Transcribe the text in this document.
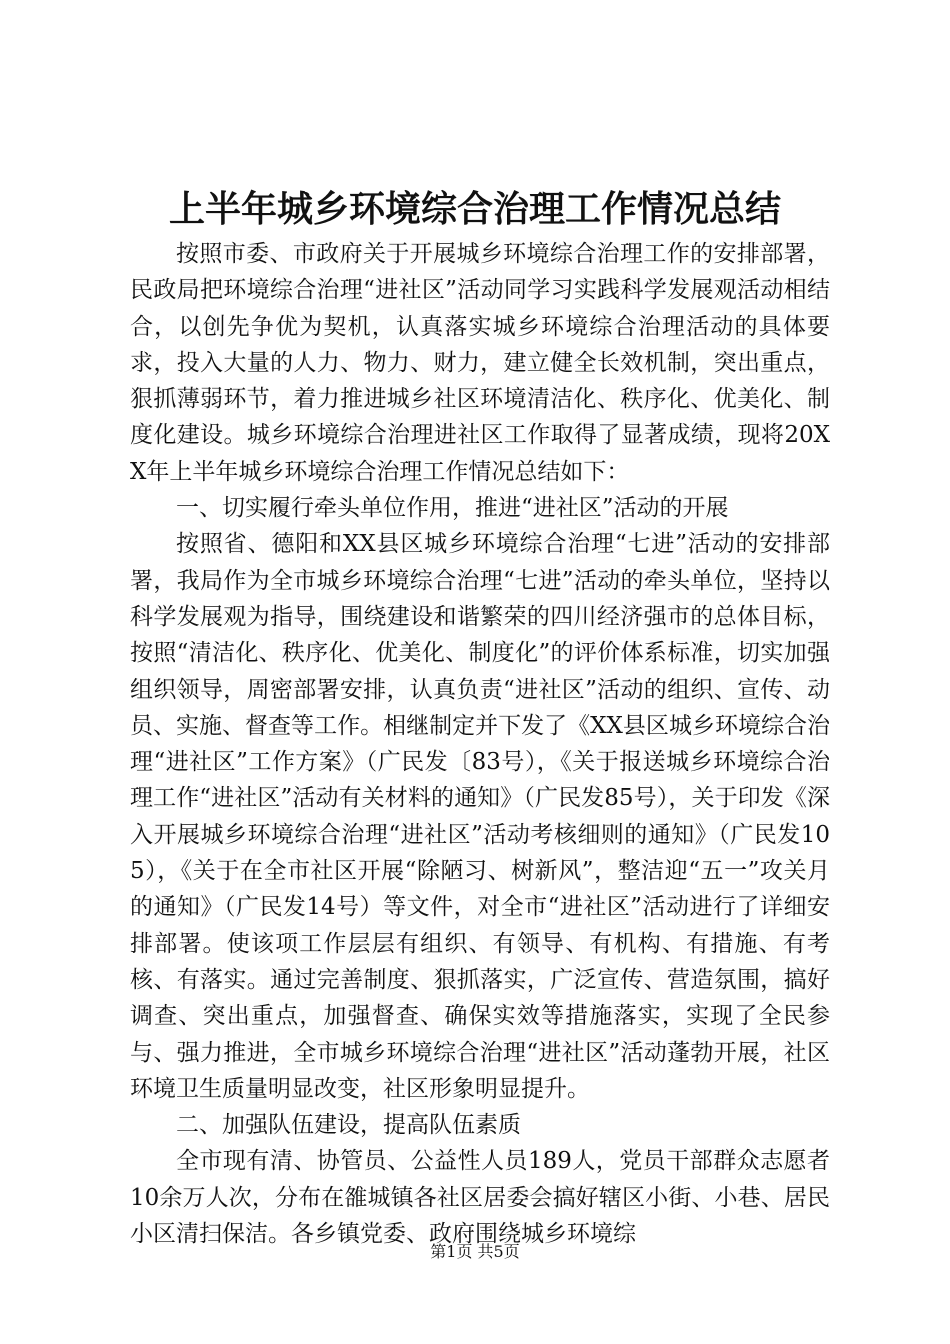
上半年城乡环境综合治理工作情况总结

按照市委、市政府关于开展城乡环境综合治理工作的安排部署，民政局把环境综合治理“进社区”活动同学习实践科学发展观活动相结合，以创先争优为契机，认真落实城乡环境综合治理活动的具体要求，投入大量的人力、物力、财力，建立健全长效机制，突出重点，狠抓薄弱环节，着力推进城乡社区环境清洁化、秩序化、优美化、制度化建设。城乡环境综合治理进社区工作取得了显著成绩，现将20XX年上半年城乡环境综合治理工作情况总结如下：

一、切实履行牵头单位作用，推进“进社区”活动的开展

按照省、德阳和XX县区城乡环境综合治理“七进”活动的安排部署，我局作为全市城乡环境综合治理“七进”活动的牵头单位，坚持以科学发展观为指导，围绕建设和谐繁荣的四川经济强市的总体目标，按照“清洁化、秩序化、优美化、制度化”的评价体系标准，切实加强组织领导，周密部署安排，认真负责“进社区”活动的组织、宣传、动员、实施、督查等工作。相继制定并下发了《XX县区城乡环境综合治理“进社区”工作方案》（广民发〔83号），《关于报送城乡环境综合治理工作“进社区”活动有关材料的通知》（广民发85号），关于印发《深入开展城乡环境综合治理“进社区”活动考核细则的通知》（广民发105），《关于在全市社区开展“除陋习、树新风”，整洁迎“五一”攻关月的通知》（广民发14号）等文件，对全市“进社区”活动进行了详细安排部署。使该项工作层层有组织、有领导、有机构、有措施、有考核、有落实。通过完善制度、狠抓落实，广泛宣传、营造氛围，搞好调查、突出重点，加强督查、确保实效等措施落实，实现了全民参与、强力推进，全市城乡环境综合治理“进社区”活动蓬勃开展，社区环境卫生质量明显改变，社区形象明显提升。

二、加强队伍建设，提高队伍素质

全市现有清、协管员、公益性人员189人，党员干部群众志愿者10余万人次，分布在雒城镇各社区居委会搞好辖区小街、小巷、居民小区清扫保洁。各乡镇党委、政府围绕城乡环境综

第1页 共5页
